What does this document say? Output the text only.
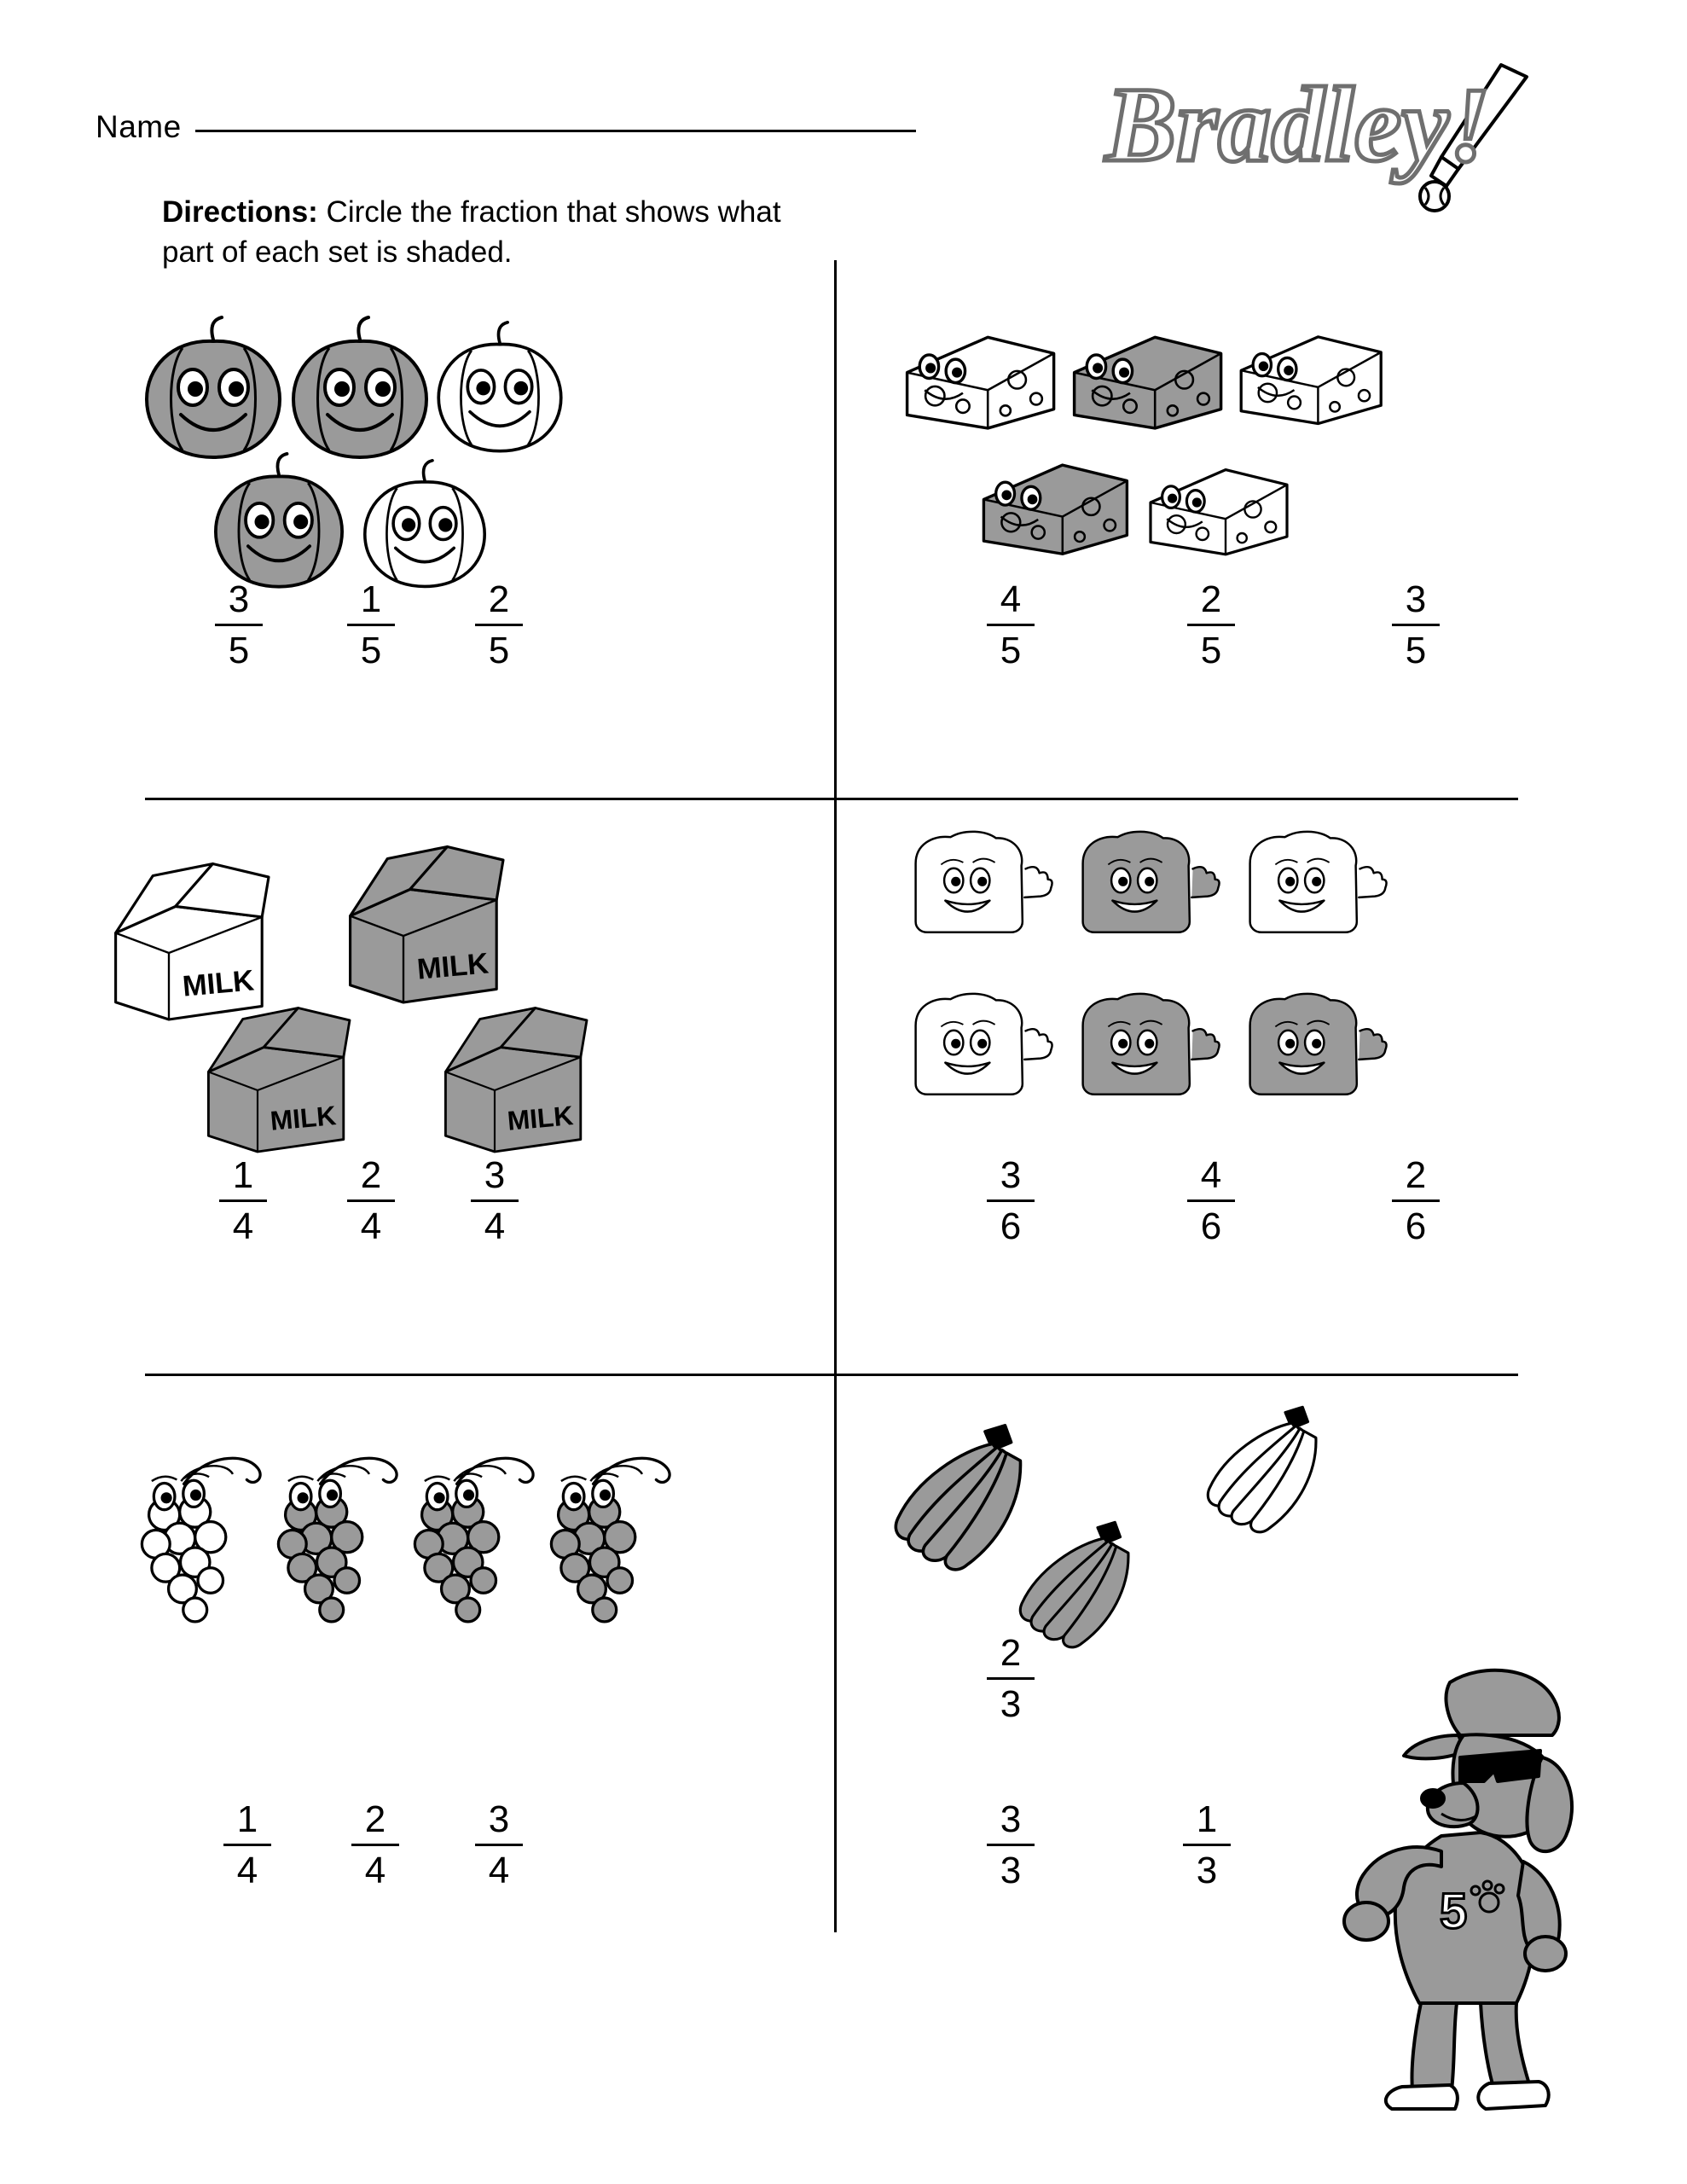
Name
Directions: Circle the fraction that shows what part of each set is shaded.
Bradley!
3
5
1
5
2
5
4
5
2
5
3
5
MILK	MILK
MILK	MILK
1
4
2
4
3
4
3
6
4
6
2
6
1
4
2
4
3
4
2
3
3
3
1
3
5
